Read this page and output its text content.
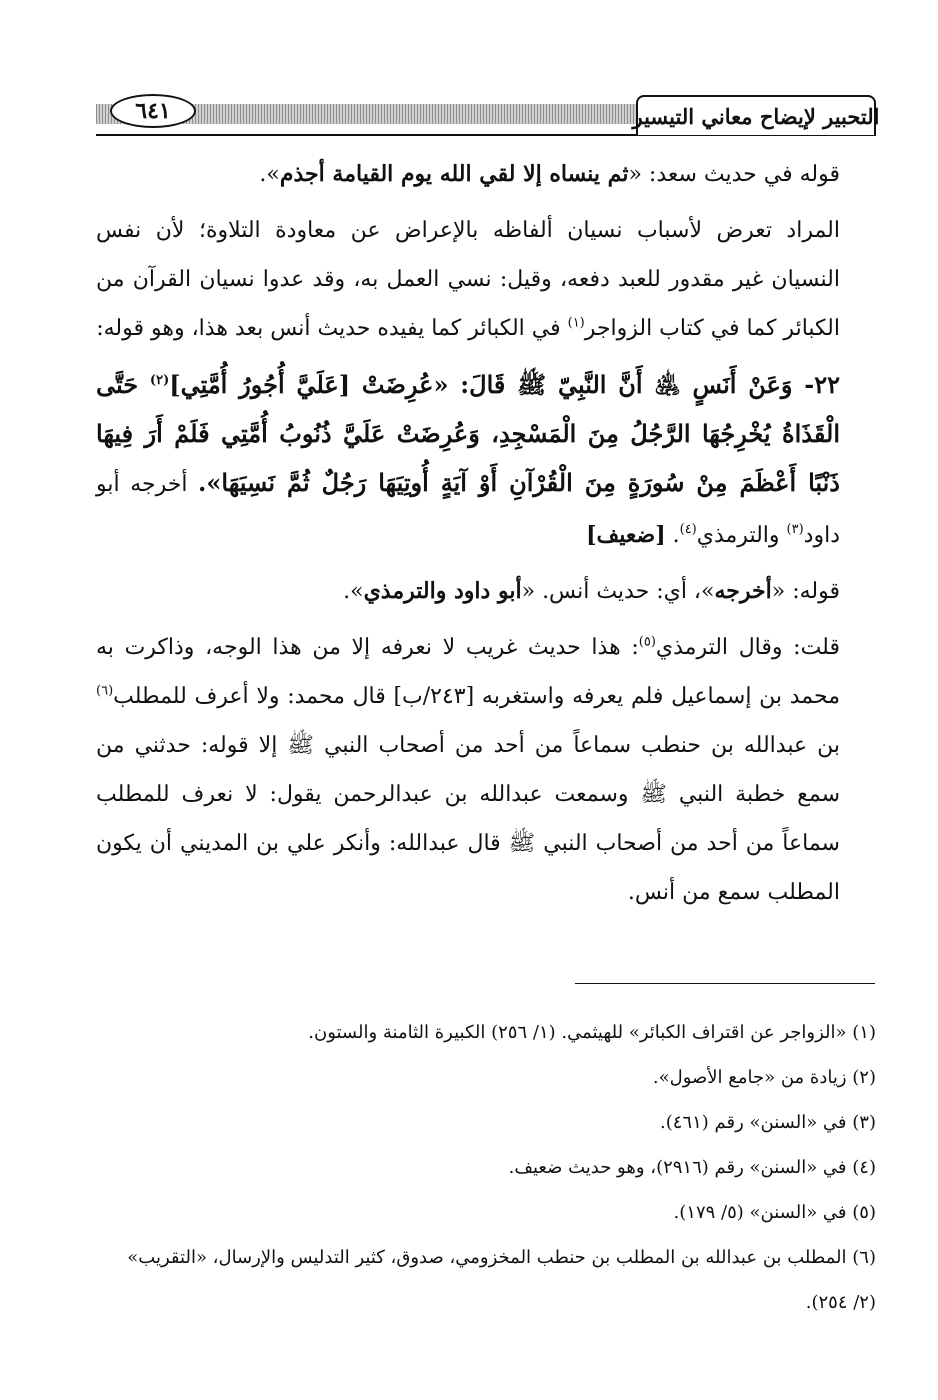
٦٤١	التحبير لإيضاح معاني التيسير

قوله في حديث سعد: «ثم ينساه إلا لقي الله يوم القيامة أجذم».

المراد تعرض لأسباب نسيان ألفاظه بالإعراض عن معاودة التلاوة؛ لأن نفس النسيان غير مقدور للعبد دفعه، وقيل: نسي العمل به، وقد عدوا نسيان القرآن من الكبائر كما في كتاب الزواجر$^{(١)}$ في الكبائر كما يفيده حديث أنس بعد هذا، وهو قوله:

٢٢- وَعَنْ أَنَسٍ ﵁ أَنَّ النَّبِيّ ﷺ قَالَ: «عُرِضَتْ [عَلَيَّ أُجُورُ أُمَّتِي]$^{(٢)}$ حَتَّى الْقَذَاةُ يُخْرِجُهَا الرَّجُلُ مِنَ الْمَسْجِدِ، وَعُرِضَتْ عَلَيَّ ذُنُوبُ أُمَّتِي فَلَمْ أَرَ فِيهَا ذَنْبًا أَعْظَمَ مِنْ سُورَةٍ مِنَ الْقُرْآنِ أَوْ آيَةٍ أُوتِيَهَا رَجُلٌ ثُمَّ نَسِيَهَا». أخرجه أبو داود$^{(٣)}$ والترمذي$^{(٤)}$. [ضعيف]

قوله: «أخرجه»، أي: حديث أنس. «أبو داود والترمذي».

قلت: وقال الترمذي$^{(٥)}$: هذا حديث غريب لا نعرفه إلا من هذا الوجه، وذاكرت به محمد بن إسماعيل فلم يعرفه واستغربه [٢٤٣/ب] قال محمد: ولا أعرف للمطلب$^{(٦)}$ بن عبدالله بن حنطب سماعاً من أحد من أصحاب النبي ﷺ إلا قوله: حدثني من سمع خطبة النبي ﷺ وسمعت عبدالله بن عبدالرحمن يقول: لا نعرف للمطلب سماعاً من أحد من أصحاب النبي ﷺ قال عبدالله: وأنكر علي بن المديني أن يكون المطلب سمع من أنس.

(١) «الزواجر عن اقتراف الكبائر» للهيثمي. (١/ ٢٥٦) الكبيرة الثامنة والستون.

(٢) زيادة من «جامع الأصول».

(٣) في «السنن» رقم (٤٦١).

(٤) في «السنن» رقم (٢٩١٦)، وهو حديث ضعيف.

(٥) في «السنن» (٥/ ١٧٩).

(٦) المطلب بن عبدالله بن المطلب بن حنطب المخزومي، صدوق، كثير التدليس والإرسال، «التقريب»

(٢/ ٢٥٤).
